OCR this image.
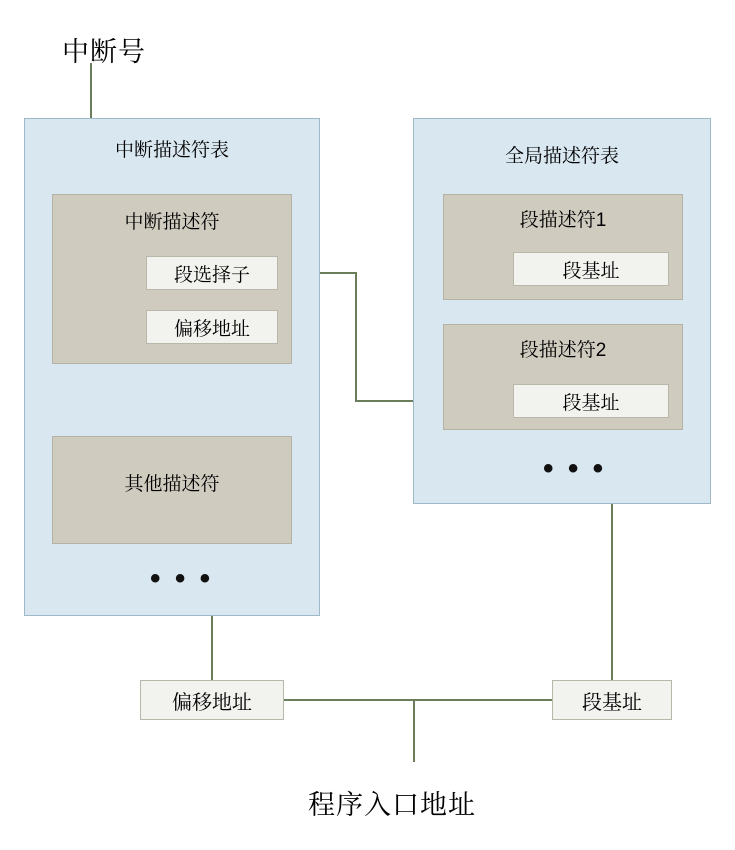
中断号
中断描述符表
中断描述符
段选择子
偏移地址
其他描述符
• • •
全局描述符表
段描述符1
段基址
段描述符2
段基址
• • •
偏移地址	段基址
程序入口地址
